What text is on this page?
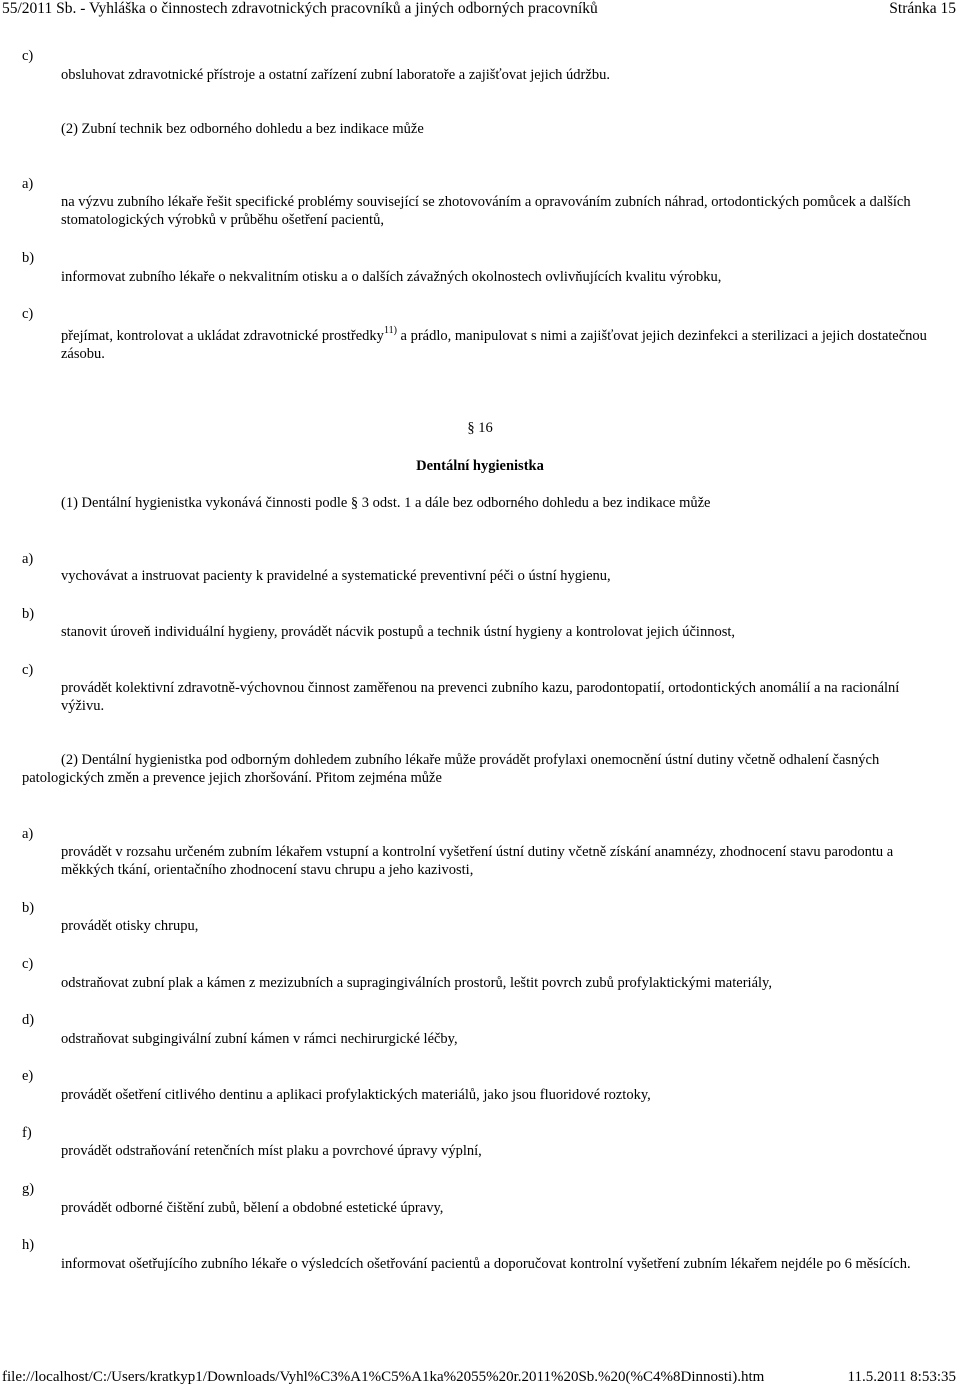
55/2011 Sb. - Vyhláška o činnostech zdravotnických pracovníků a jiných odborných pracovníků	Stránka 15
c)
obsluhovat zdravotnické přístroje a ostatní zařízení zubní laboratoře a zajišťovat jejich údržbu.
(2) Zubní technik bez odborného dohledu a bez indikace může
a)
na výzvu zubního lékaře řešit specifické problémy související se zhotovováním a opravováním zubních náhrad, ortodontických pomůcek a dalších stomatologických výrobků v průběhu ošetření pacientů,
b)
informovat zubního lékaře o nekvalitním otisku a o dalších závažných okolnostech ovlivňujících kvalitu výrobku,
c)
přejímat, kontrolovat a ukládat zdravotnické prostředky$^{11)}$ a prádlo, manipulovat s nimi a zajišťovat jejich dezinfekci a sterilizaci a jejich dostatečnou zásobu.
§ 16
Dentální hygienistka
(1) Dentální hygienistka vykonává činnosti podle § 3 odst. 1 a dále bez odborného dohledu a bez indikace může
a)
vychovávat a instruovat pacienty k pravidelné a systematické preventivní péči o ústní hygienu,
b)
stanovit úroveň individuální hygieny, provádět nácvik postupů a technik ústní hygieny a kontrolovat jejich účinnost,
c)
provádět kolektivní zdravotně-výchovnou činnost zaměřenou na prevenci zubního kazu, parodontopatií, ortodontických anomálií a na racionální výživu.
(2) Dentální hygienistka pod odborným dohledem zubního lékaře může provádět profylaxi onemocnění ústní dutiny včetně odhalení časných patologických změn a prevence jejich zhoršování. Přitom zejména může
a)
provádět v rozsahu určeném zubním lékařem vstupní a kontrolní vyšetření ústní dutiny včetně získání anamnézy, zhodnocení stavu parodontu a měkkých tkání, orientačního zhodnocení stavu chrupu a jeho kazivosti,
b)
provádět otisky chrupu,
c)
odstraňovat zubní plak a kámen z mezizubních a supragingiválních prostorů, leštit povrch zubů profylaktickými materiály,
d)
odstraňovat subgingivální zubní kámen v rámci nechirurgické léčby,
e)
provádět ošetření citlivého dentinu a aplikaci profylaktických materiálů, jako jsou fluoridové roztoky,
f)
provádět odstraňování retenčních míst plaku a povrchové úpravy výplní,
g)
provádět odborné čištění zubů, bělení a obdobné estetické úpravy,
h)
informovat ošetřujícího zubního lékaře o výsledcích ošetřování pacientů a doporučovat kontrolní vyšetření zubním lékařem nejdéle po 6 měsících.
file://localhost/C:/Users/kratkyp1/Downloads/Vyhl%C3%A1%C5%A1ka%2055%20r.2011%20Sb.%20(%C4%8Dinnosti).htm	11.5.2011 8:53:35
